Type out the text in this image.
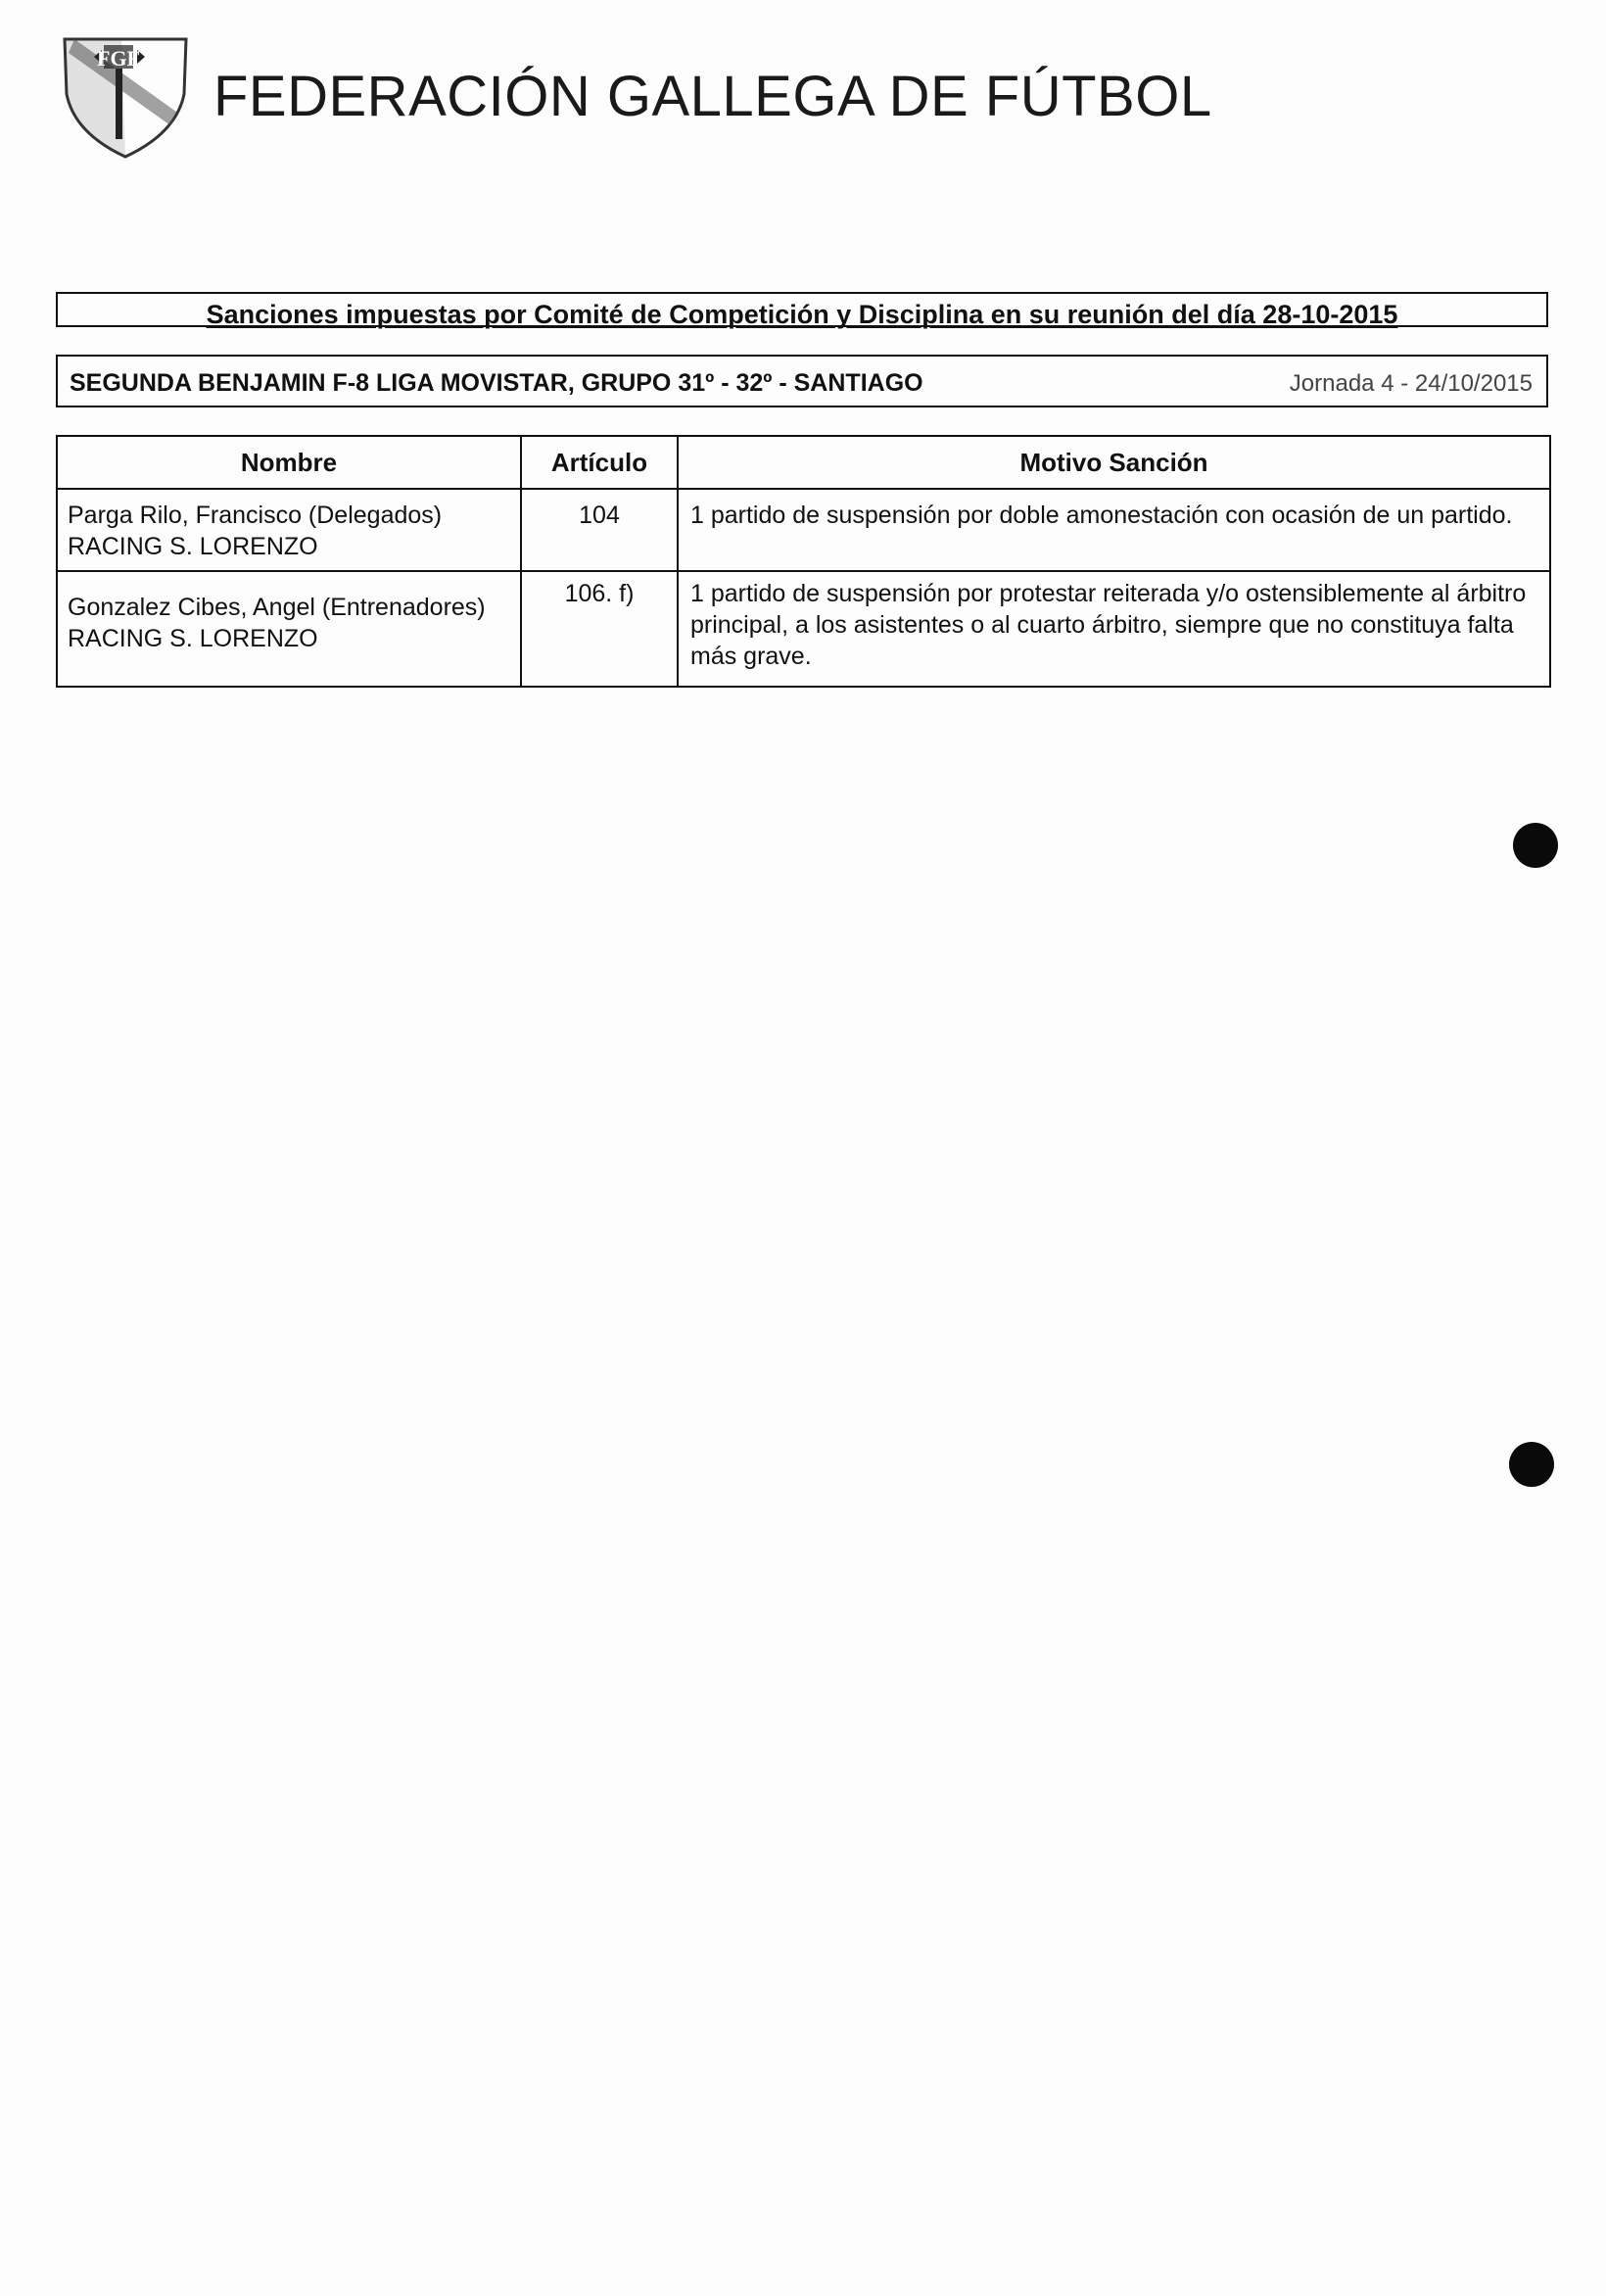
FGF
FEDERACIÓN GALLEGA DE FÚTBOL
Sanciones impuestas por Comité de Competición y Disciplina en su reunión del día 28-10-2015
SEGUNDA BENJAMIN F-8 LIGA MOVISTAR, GRUPO 31º - 32º - SANTIAGO	Jornada 4 - 24/10/2015
Nombre	Artículo	Motivo Sanción

Parga Rilo, Francisco (Delegados)
RACING S. LORENZO	104	1 partido de suspensión por doble amonestación con ocasión de un partido.

Gonzalez Cibes, Angel (Entrenadores)
RACING S. LORENZO	106. f)	1 partido de suspensión por protestar reiterada y/o ostensiblemente al árbitro principal, a los asistentes o al cuarto árbitro, siempre que no constituya falta más grave.
